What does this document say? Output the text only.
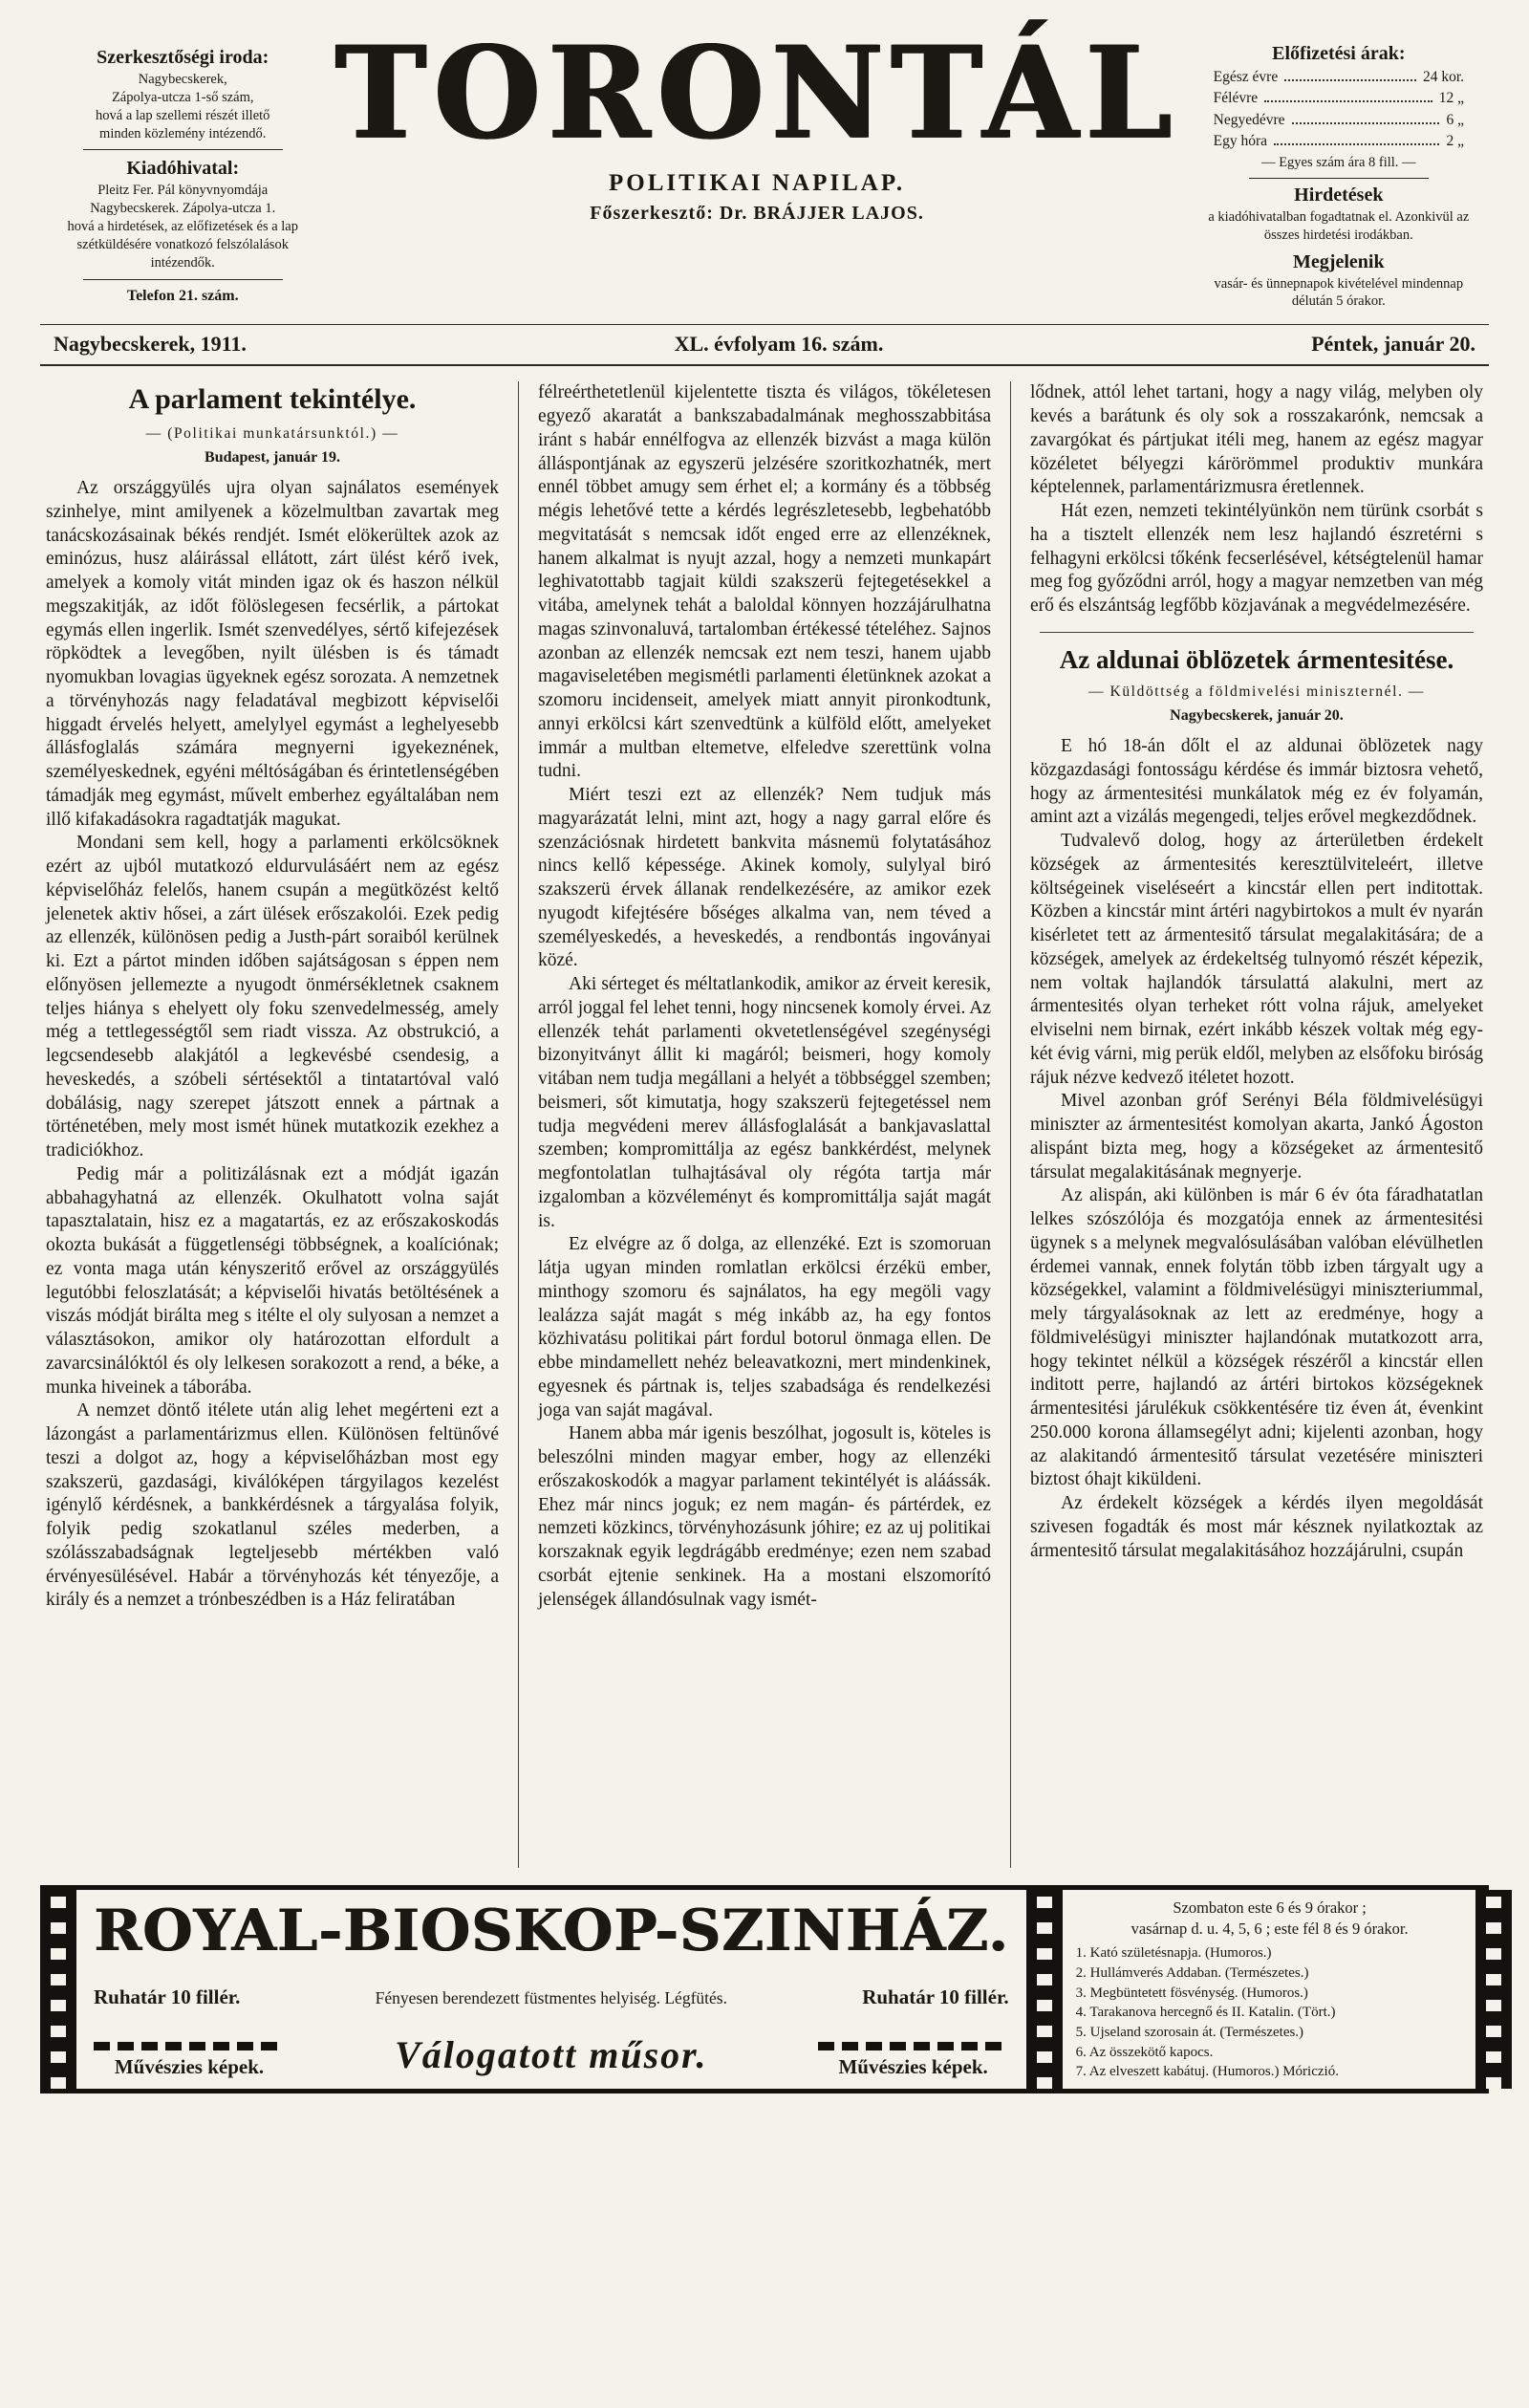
Szerkesztőségi iroda:
Nagybecskerek,
Zápolya-utcza 1-ső szám,
hová a lap szellemi részét illető
minden közlemény intézendő.
Kiadóhivatal:
Pleitz Fer. Pál könyvnyomdája
Nagybecskerek. Zápolya-utcza 1.
hová a hirdetések, az előfizetések és a lap szétküldésére vonatkozó felszólalások intézendők.
Telefon 21. szám.
TORONTÁL
POLITIKAI NAPILAP.
Főszerkesztő: Dr. BRÁJJER LAJOS.
Előfizetési árak:
Egész évre	24 kor.
Félévre	12 „
Negyedévre	6 „
Egy hóra	2 „
— Egyes szám ára 8 fill. —
Hirdetések
a kiadóhivatalban fogadtatnak el. Azonkivül az összes hirdetési irodákban.
Megjelenik
vasár- és ünnepnapok kivételével mindennap délután 5 órakor.
Nagybecskerek, 1911.	XL. évfolyam 16. szám.	Péntek, január 20.
A parlament tekintélye.
— (Politikai munkatársunktól.) —
Budapest, január 19.

Az országgyülés ujra olyan sajnálatos események szinhelye, mint amilyenek a közelmultban zavartak meg tanácskozásainak békés rendjét. Ismét elökerültek azok az eminózus, husz aláirással ellátott, zárt ülést kérő ivek, amelyek a komoly vitát minden igaz ok és haszon nélkül megszakitják, az időt fölöslegesen fecsérlik, a pártokat egymás ellen ingerlik. Ismét szenvedélyes, sértő kifejezések röpködtek a levegőben, nyilt ülésben is és támadt nyomukban lovagias ügyeknek egész sorozata. A nemzetnek a törvényhozás nagy feladatával megbizott képviselői higgadt érvelés helyett, amelylyel egymást a leghelyesebb állásfoglalás számára megnyerni igyekeznének, személyeskednek, egyéni méltóságában és érintetlenségében támadják meg egymást, művelt emberhez egyáltalában nem illő kifakadásokra ragadtatják magukat.

Mondani sem kell, hogy a parlamenti erkölcsöknek ezért az ujból mutatkozó eldurvulásáért nem az egész képviselőház felelős, hanem csupán a megütközést keltő jelenetek aktiv hősei, a zárt ülések erőszakolói. Ezek pedig az ellenzék, különösen pedig a Justh-párt soraiból kerülnek ki. Ezt a pártot minden időben sajátságosan s éppen nem előnyösen jellemezte a nyugodt önmérsékletnek csaknem teljes hiánya s ehelyett oly foku szenvedelmesség, amely még a tettlegességtől sem riadt vissza. Az obstrukció, a legcsendesebb alakjától a legkevésbé csendesig, a heveskedés, a szóbeli sértésektől a tintatartóval való dobálásig, nagy szerepet játszott ennek a pártnak a történetében, mely most ismét hünek mutatkozik ezekhez a tradiciókhoz.

Pedig már a politizálásnak ezt a módját igazán abbahagyhatná az ellenzék. Okulhatott volna saját tapasztalatain, hisz ez a magatartás, ez az erőszakoskodás okozta bukását a függetlenségi többségnek, a koalíciónak; ez vonta maga után kényszeritő erővel az országgyülés legutóbbi feloszlatását; a képviselői hivatás betöltésének a viszás módját birálta meg s itélte el oly sulyosan a nemzet a választásokon, amikor oly határozottan elfordult a zavarcsinálóktól és oly lelkesen sorakozott a rend, a béke, a munka hiveinek a táborába.

A nemzet döntő itélete után alig lehet megérteni ezt a lázongást a parlamentárizmus ellen. Különösen feltünővé teszi a dolgot az, hogy a képviselőházban most egy szakszerü, gazdasági, kiválóképen tárgyilagos kezelést igénylő kérdésnek, a bankkérdésnek a tárgyalása folyik, folyik pedig szokatlanul széles mederben, a szólásszabadságnak legteljesebb mértékben való érvényesülésével. Habár a törvényhozás két tényezője, a király és a nemzet a trónbeszédben is a Ház feliratában

félreérthetetlenül kijelentette tiszta és világos, tökéletesen egyező akaratát a bankszabadalmának meghosszabbitása iránt s habár ennélfogva az ellenzék bizvást a maga külön álláspontjának az egyszerü jelzésére szoritkozhatnék, mert ennél többet amugy sem érhet el; a kormány és a többség mégis lehetővé tette a kérdés legrészletesebb, legbehatóbb megvitatását s nemcsak időt enged erre az ellenzéknek, hanem alkalmat is nyujt azzal, hogy a nemzeti munkapárt leghivatottabb tagjait küldi szakszerü fejtegetésekkel a vitába, amelynek tehát a baloldal könnyen hozzájárulhatna magas szinvonaluvá, tartalomban értékessé tételéhez. Sajnos azonban az ellenzék nemcsak ezt nem teszi, hanem ujabb magaviseletében megismétli parlamenti életünknek azokat a szomoru incidenseit, amelyek miatt annyit pironkodtunk, annyi erkölcsi kárt szenvedtünk a külföld előtt, amelyeket immár a multban eltemetve, elfeledve szerettünk volna tudni.

Miért teszi ezt az ellenzék? Nem tudjuk más magyarázatát lelni, mint azt, hogy a nagy garral előre és szenzációsnak hirdetett bankvita másnemü folytatásához nincs kellő képessége. Akinek komoly, sulylyal biró szakszerü érvek állanak rendelkezésére, az amikor ezek nyugodt kifejtésére bőséges alkalma van, nem téved a személyeskedés, a heveskedés, a rendbontás ingoványai közé.

Aki sérteget és méltatlankodik, amikor az érveit keresik, arról joggal fel lehet tenni, hogy nincsenek komoly érvei. Az ellenzék tehát parlamenti okvetetlenségével szegénységi bizonyitványt állit ki magáról; beismeri, hogy komoly vitában nem tudja megállani a helyét a többséggel szemben; beismeri, sőt kimutatja, hogy szakszerü fejtegetéssel nem tudja megvédeni merev állásfoglalását a bankjavaslattal szemben; kompromittálja az egész bankkérdést, melynek megfontolatlan tulhajtásával oly régóta tartja már izgalomban a közvéleményt és kompromittálja saját magát is.

Ez elvégre az ő dolga, az ellenzéké. Ezt is szomoruan látja ugyan minden romlatlan erkölcsi érzékü ember, minthogy szomoru és sajnálatos, ha egy megöli vagy lealázza saját magát s még inkább az, ha egy fontos közhivatásu politikai párt fordul botorul önmaga ellen. De ebbe mindamellett nehéz beleavatkozni, mert mindenkinek, egyesnek és pártnak is, teljes szabadsága és rendelkezési joga van saját magával.

Hanem abba már igenis beszólhat, jogosult is, köteles is beleszólni minden magyar ember, hogy az ellenzéki erőszakoskodók a magyar parlament tekintélyét is aláássák. Ehez már nincs joguk; ez nem magán- és pártérdek, ez nemzeti közkincs, törvényhozásunk jóhire; ez az uj politikai korszaknak egyik legdrágább eredménye; ezen nem szabad csorbát ejtenie senkinek. Ha a mostani elszomorító jelenségek állandósulnak vagy ismét-

lődnek, attól lehet tartani, hogy a nagy világ, melyben oly kevés a barátunk és oly sok a rosszakarónk, nemcsak a zavargókat és pártjukat itéli meg, hanem az egész magyar közéletet bélyegzi kárörömmel produktiv munkára képtelennek, parlamentárizmusra éretlennek.

Hát ezen, nemzeti tekintélyünkön nem türünk csorbát s ha a tisztelt ellenzék nem lesz hajlandó észretérni s felhagyni erkölcsi tőkénk fecserlésével, kétségtelenül hamar meg fog győződni arról, hogy a magyar nemzetben van még erő és elszántság legfőbb közjavának a megvédelmezésére.

Az aldunai öblözetek ármentesitése.
— Küldöttség a földmivelési miniszternél. —
Nagybecskerek, január 20.

E hó 18-án dőlt el az aldunai öblözetek nagy közgazdasági fontosságu kérdése és immár biztosra vehető, hogy az ármentesitési munkálatok még ez év folyamán, amint azt a vizálás megengedi, teljes erővel megkezdődnek.

Tudvalevő dolog, hogy az árterületben érdekelt községek az ármentesités keresztülviteleért, illetve költségeinek viseléseért a kincstár ellen pert inditottak. Közben a kincstár mint ártéri nagybirtokos a mult év nyarán kisérletet tett az ármentesitő társulat megalakitására; de a községek, amelyek az érdekeltség tulnyomó részét képezik, nem voltak hajlandók társulattá alakulni, mert az ármentesités olyan terheket rótt volna rájuk, amelyeket elviselni nem birnak, ezért inkább készek voltak még egy-két évig várni, mig perük eldől, melyben az elsőfoku biróság rájuk nézve kedvező itéletet hozott.

Mivel azonban gróf Serényi Béla földmivelésügyi miniszter az ármentesitést komolyan akarta, Jankó Ágoston alispánt bizta meg, hogy a községeket az ármentesitő társulat megalakitásának megnyerje.

Az alispán, aki különben is már 6 év óta fáradhatatlan lelkes szószólója és mozgatója ennek az ármentesitési ügynek s a melynek megvalósulásában valóban elévülhetlen érdemei vannak, ennek folytán több izben tárgyalt ugy a községekkel, valamint a földmivelésügyi miniszteriummal, mely tárgyalásoknak az lett az eredménye, hogy a földmivelésügyi miniszter hajlandónak mutatkozott arra, hogy tekintet nélkül a községek részéről a kincstár ellen inditott perre, hajlandó az ártéri birtokos községeknek ármentesitési járulékuk csökkentésére tiz éven át, évenkint 250.000 korona államsegélyt adni; kijelenti azonban, hogy az alakitandó ármentesitő társulat vezetésére miniszteri biztost óhajt kiküldeni.

Az érdekelt községek a kérdés ilyen megoldását szivesen fogadták és most már késznek nyilatkoztak az ármentesitő társulat megalakitásához hozzájárulni, csupán

ROYAL-BIOSKOP-SZINHÁZ.
Ruhatár 10 fillér.	Fényesen berendezett füstmentes helyiség. Légfütés.	Ruhatár 10 fillér.
Művészies képek.	Válogatott műsor.	Művészies képek.
Szombaton este 6 és 9 órakor ;
vasárnap d. u. 4, 5, 6 ; este fél 8 és 9 órakor.
1. Kató születésnapja. (Humoros.)
2. Hullámverés Addaban. (Természetes.)
3. Megbüntetett fösvénység. (Humoros.)
4. Tarakanova hercegnő és II. Katalin. (Tört.)
5. Ujseland szorosain át. (Természetes.)
6. Az összekötő kapocs.
7. Az elveszett kabátuj. (Humoros.) Móriczió.
